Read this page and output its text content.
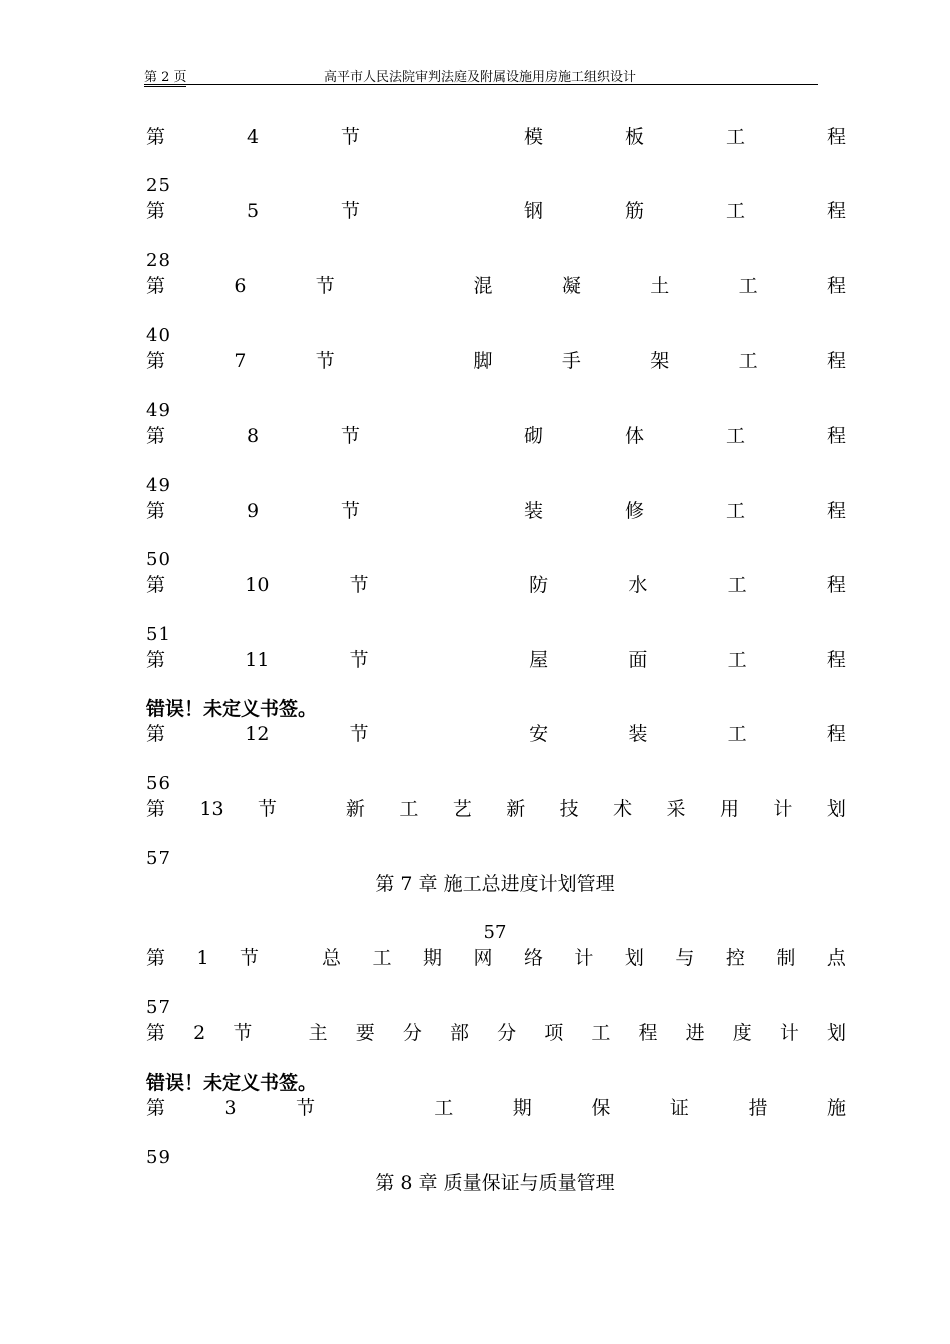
第 2 页	高平市人民法院审判法庭及附属设施用房施工组织设计
第	4	节	模	板	工	程
25
第	5	节	钢	筋	工	程
28
第	6	节	混	凝	土	工	程
40
第	7	节	脚	手	架	工	程
49
第	8	节	砌	体	工	程
49
第	9	节	装	修	工	程
50
第	10	节	防	水	工	程
51
第	11	节	屋	面	工	程
错误！未定义书签。
第	12	节	安	装	工	程
56
第 13 节	新 工 艺 新 技 术 采 用 计 划
57
第 7 章 施工总进度计划管理
57
第 1 节	总 工 期 网 络 计 划 与 控 制 点
57
第 2 节	主 要 分 部 分 项 工 程 进 度 计 划
错误！未定义书签。
第	3	节	工	期	保	证	措	施
59
第 8 章 质量保证与质量管理
